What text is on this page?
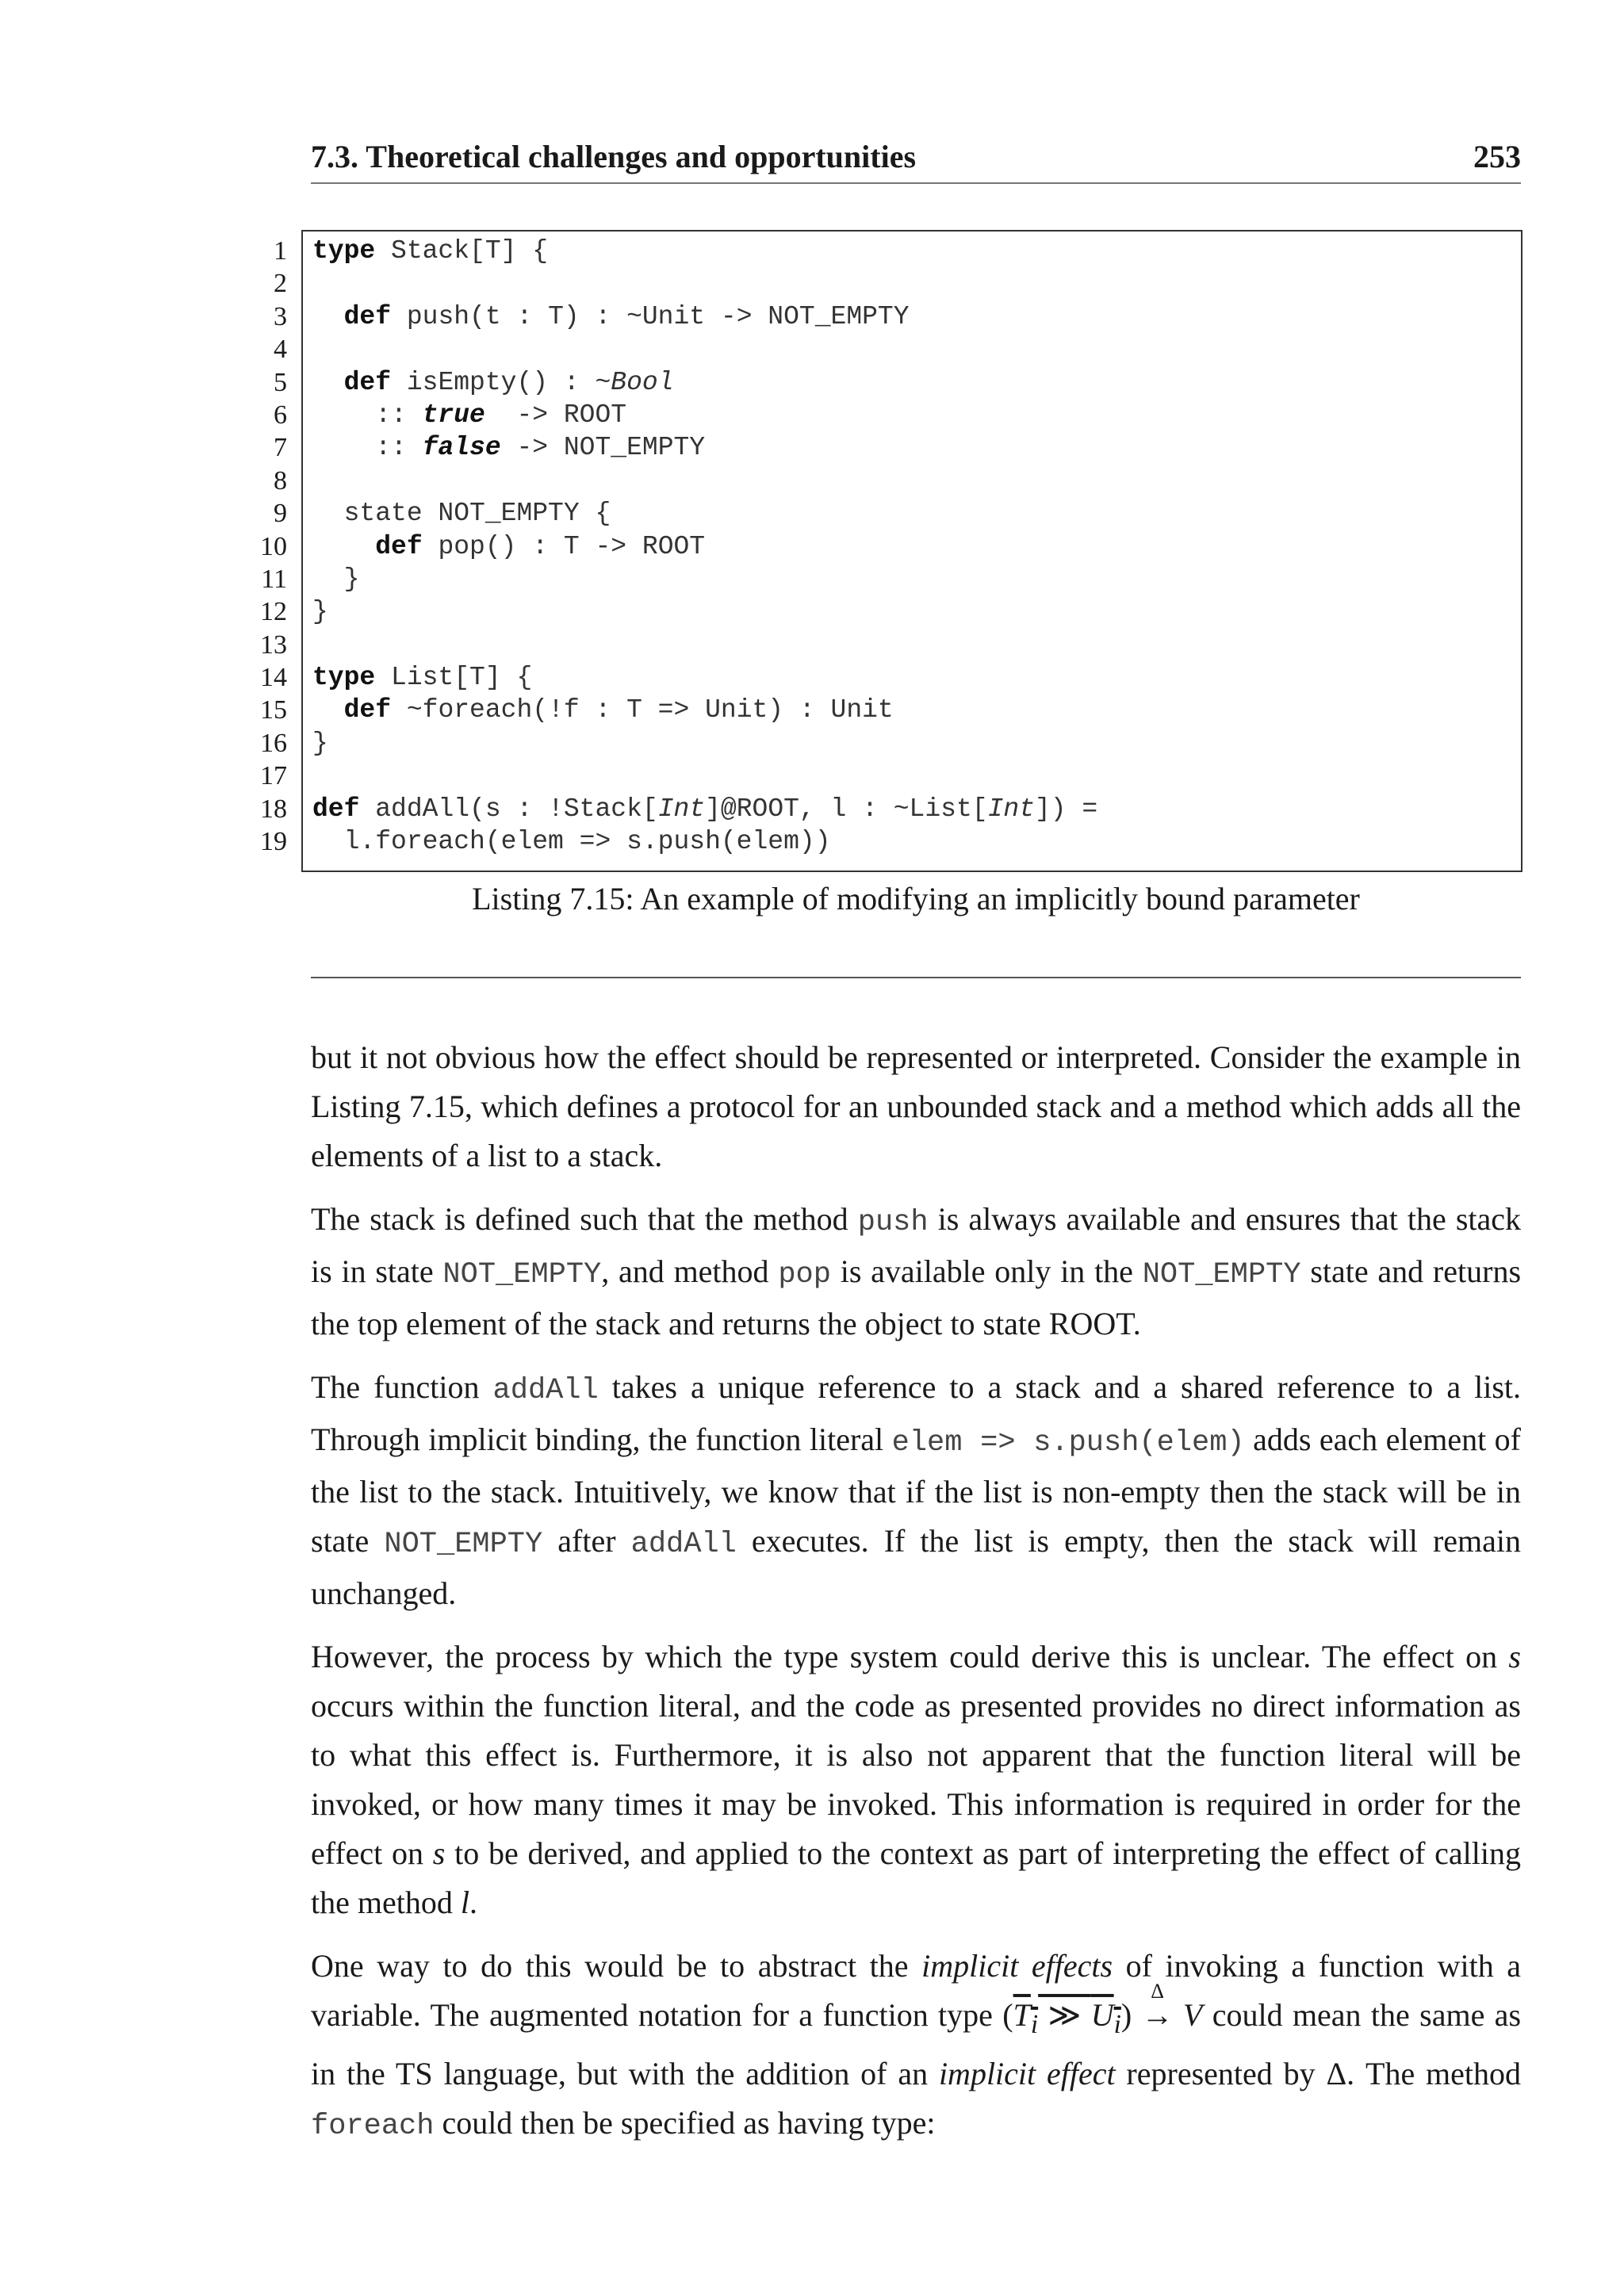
7.3. Theoretical challenges and opportunities	253
1
2
3
4
5
6
7
8
9
10
11
12
13
14
15
16
17
18
19
type Stack[T] {

def push(t : T) : ~Unit -> NOT_EMPTY

def isEmpty() : ~Bool
:: true  -> ROOT
:: false -> NOT_EMPTY

state NOT_EMPTY {
def pop() : T -> ROOT
}
}

type List[T] {
def ~foreach(!f : T => Unit) : Unit
}

def addAll(s : !Stack[Int]@ROOT, l : ~List[Int]) =
l.foreach(elem => s.push(elem))
Listing 7.15: An example of modifying an implicitly bound parameter

but it not obvious how the effect should be represented or interpreted. Consider the example in Listing 7.15, which defines a protocol for an unbounded stack and a method which adds all the elements of a list to a stack.

The stack is defined such that the method push is always available and ensures that the stack is in state NOT_EMPTY, and method pop is available only in the NOT_EMPTY state and returns the top element of the stack and returns the object to state ROOT.

The function addAll takes a unique reference to a stack and a shared reference to a list. Through implicit binding, the function literal elem => s.push(elem) adds each element of the list to the stack. Intuitively, we know that if the list is non-empty then the stack will be in state NOT_EMPTY after addAll executes. If the list is empty, then the stack will remain unchanged.

However, the process by which the type system could derive this is unclear. The effect on s occurs within the function literal, and the code as presented provides no direct information as to what this effect is. Furthermore, it is also not apparent that the function literal will be invoked, or how many times it may be invoked. This information is required in order for the effect on s to be derived, and applied to the context as part of interpreting the effect of calling the method l.

One way to do this would be to abstract the implicit effects of invoking a function with a variable. The augmented notation for a function type ($T_i$ ≫ $U_i$)
Δ
→ V could mean the same as in the TS language, but with the addition of an implicit effect represented by Δ. The method foreach could then be specified as having type:
